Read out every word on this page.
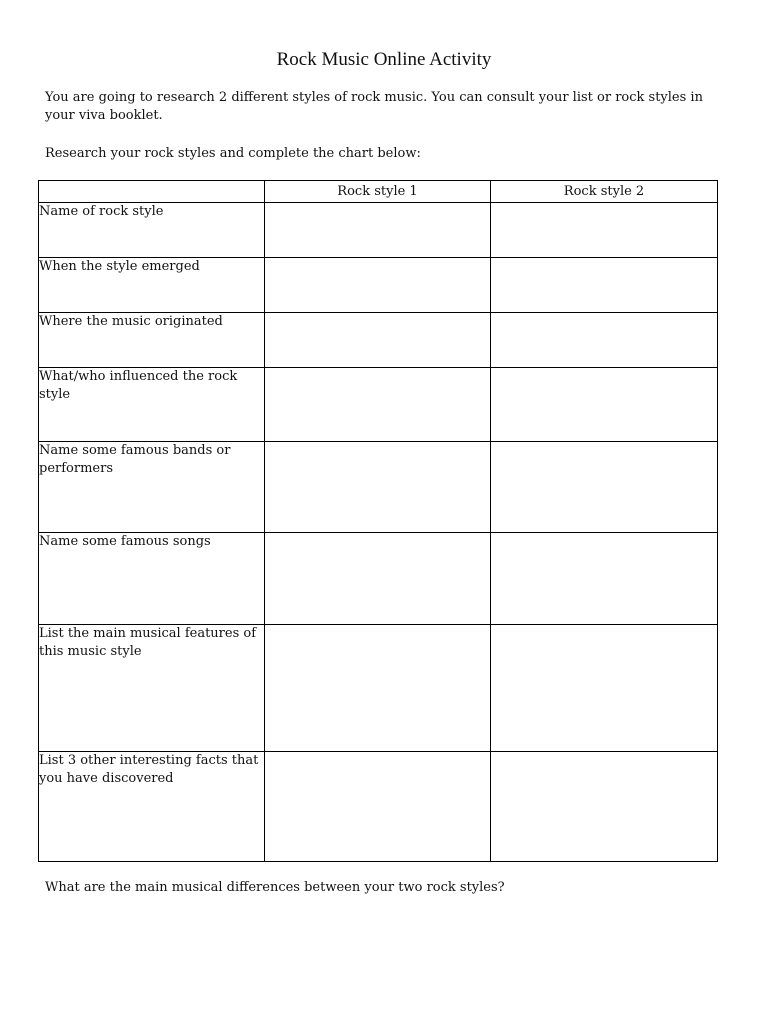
Rock Music Online Activity

You are going to research 2 different styles of rock music. You can consult your list or rock styles in your viva booklet.

Research your rock styles and complete the chart below:

	Rock style 1	Rock style 2
Name of rock style		
When the style emerged		
Where the music originated		
What/who influenced the rock style		
Name some famous bands or performers		
Name some famous songs		
List the main musical features of this music style		
List 3 other interesting facts that you have discovered		

What are the main musical differences between your two rock styles?
